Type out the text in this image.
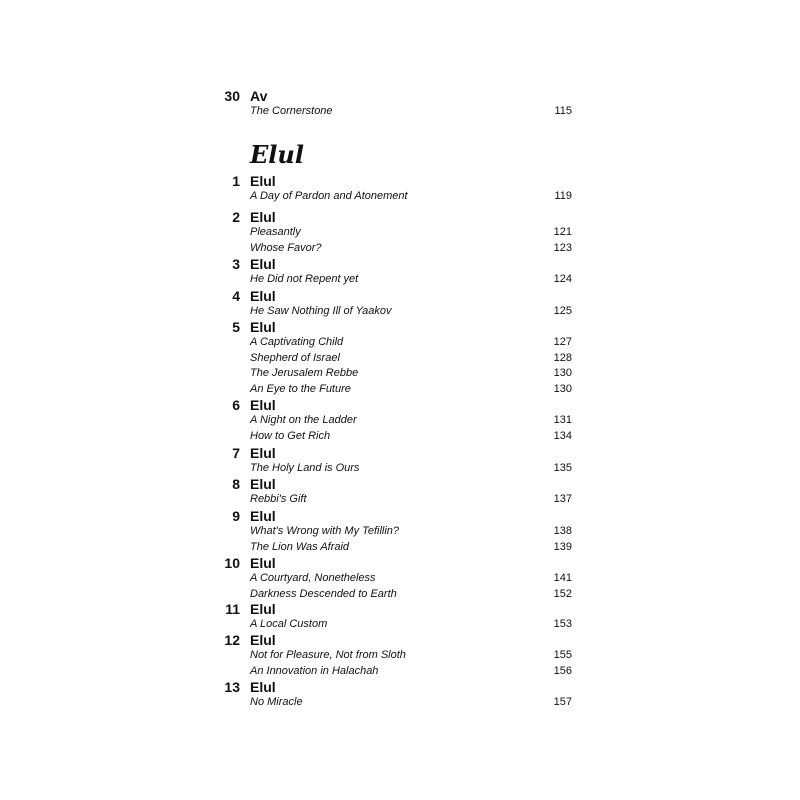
Elul
30 Av
The Cornerstone	115
1 Elul
A Day of Pardon and Atonement	119
2 Elul
Pleasantly	121
Whose Favor?	123
3 Elul
He Did not Repent yet	124
4 Elul
He Saw Nothing Ill of Yaakov	125
5 Elul
A Captivating Child	127
Shepherd of Israel	128
The Jerusalem Rebbe	130
An Eye to the Future	130
6 Elul
A Night on the Ladder	131
How to Get Rich	134
7 Elul
The Holy Land is Ours	135
8 Elul
Rebbi's Gift	137
9 Elul
What's Wrong with My Tefillin?	138
The Lion Was Afraid	139
10 Elul
A Courtyard, Nonetheless	141
Darkness Descended to Earth	152
11 Elul
A Local Custom	153
12 Elul
Not for Pleasure, Not from Sloth	155
An Innovation in Halachah	156
13 Elul
No Miracle	157
